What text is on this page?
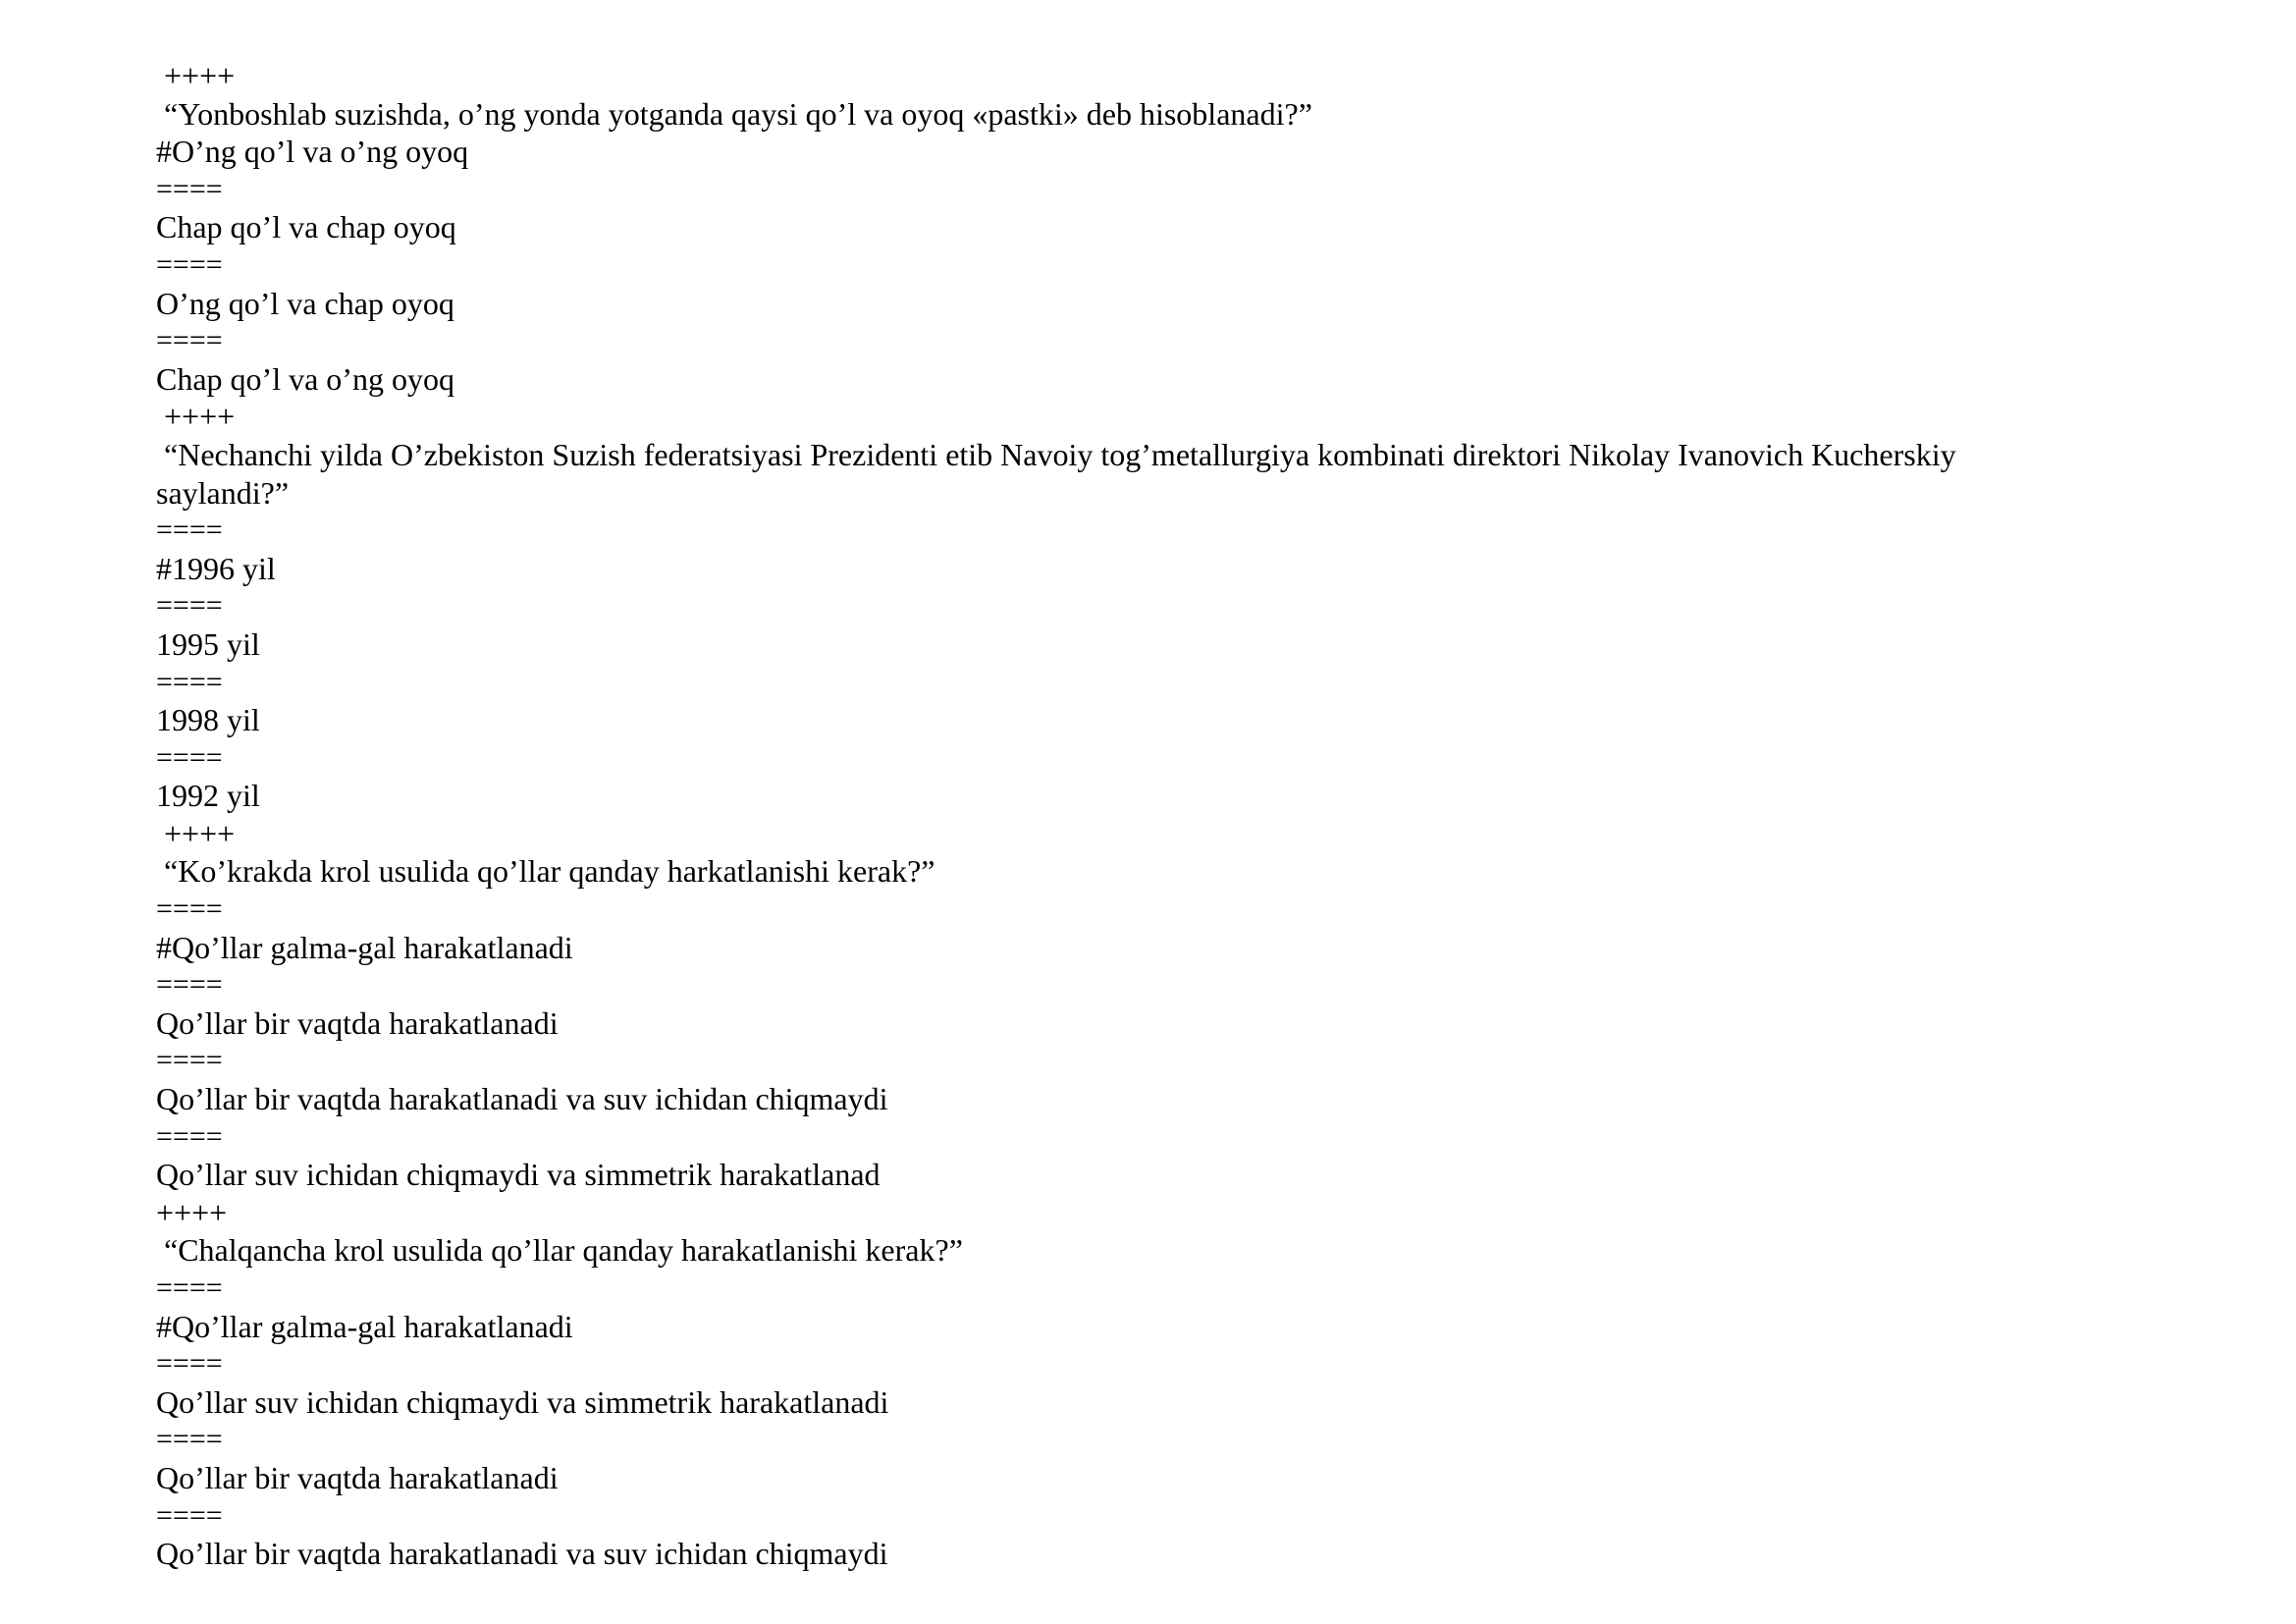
++++
“Yonboshlab suzishda, o’ng yonda yotganda qaysi qo’l va oyoq «pastki» deb hisoblanadi?”
#O’ng qo’l va o’ng oyoq
====
Chap qo’l va chap oyoq
====
O’ng qo’l va chap oyoq
====
Chap qo’l va o’ng oyoq
++++
“Nechanchi yilda O’zbekiston Suzish federatsiyasi Prezidenti etib Navoiy tog’metallurgiya kombinati direktori Nikolay Ivanovich Kucherskiy
saylandi?”
====
#1996 yil
====
1995 yil
====
1998 yil
====
1992 yil
++++
“Ko’krakda krol usulida qo’llar qanday harkatlanishi kerak?”
====
#Qo’llar galma-gal harakatlanadi
====
Qo’llar bir vaqtda harakatlanadi
====
Qo’llar bir vaqtda harakatlanadi va suv ichidan chiqmaydi
====
Qo’llar suv ichidan chiqmaydi va simmetrik harakatlanad
++++
“Chalqancha krol usulida qo’llar qanday harakatlanishi kerak?”
====
#Qo’llar galma-gal harakatlanadi
====
Qo’llar suv ichidan chiqmaydi va simmetrik harakatlanadi
====
Qo’llar bir vaqtda harakatlanadi
====
Qo’llar bir vaqtda harakatlanadi va suv ichidan chiqmaydi
